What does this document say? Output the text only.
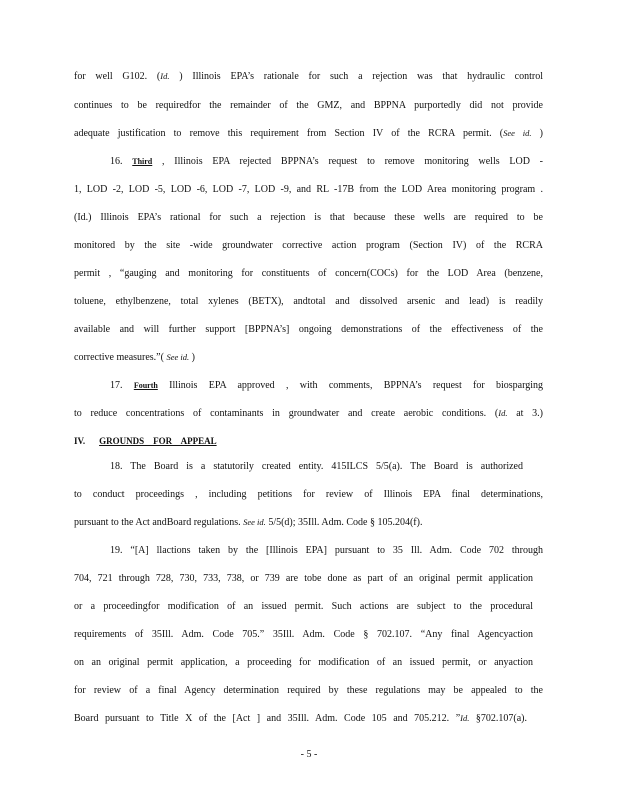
for well G102. (Id. ) Illinois EPA’s rationale for such a rejection was that hydraulic control
continues to be requiredfor the remainder of the GMZ, and BPPNA purportedly did not provide
adequate justification to remove this requirement from Section IV of the RCRA permit. (See id. )
16. Third , Illinois EPA rejected BPPNA’s request to remove monitoring wells LOD -
1, LOD -2, LOD -5, LOD -6, LOD -7, LOD -9, and RL -17B from the LOD Area monitoring program .
(Id.) Illinois EPA’s rational for such a rejection is that because these wells are required to be
monitored by the site -wide groundwater corrective action program (Section IV) of the RCRA
permit , “gauging and monitoring for constituents of concern(COCs) for the LOD Area (benzene,
toluene, ethylbenzene, total xylenes (BETX), andtotal and dissolved arsenic and lead) is readily
available and will further support [BPPNA’s] ongoing demonstrations of the effectiveness of the
corrective measures.”( See id. )
17. Fourth Illinois EPA approved , with comments, BPPNA’s request for biosparging
to reduce concentrations of contaminants in groundwater and create aerobic conditions. (Id. at 3.)
IV. GROUNDS    FOR    APPEAL
18. The Board is a statutorily created entity. 415ILCS 5/5(a). The Board is authorized
to conduct proceedings , including petitions for review of Illinois EPA final determinations,
pursuant to the Act andBoard regulations. See id. 5/5(d); 35Ill. Adm. Code § 105.204(f).
19. “[A] llactions taken by the [Illinois EPA] pursuant to 35 Ill. Adm. Code 702 through
704, 721 through 728, 730, 733, 738, or 739 are tobe done as part of an original permit application
or a proceedingfor modification of an issued permit. Such actions are subject to the procedural
requirements of 35Ill. Adm. Code 705.” 35Ill. Adm. Code § 702.107. “Any final Agencyaction
on an original permit application, a proceeding for modification of an issued permit, or anyaction
for review of a final Agency determination required by these regulations may be appealed to the
Board pursuant to Title X of the [Act ] and 35Ill. Adm. Code 105 and 705.212. ”Id. §702.107(a).
- 5 -
